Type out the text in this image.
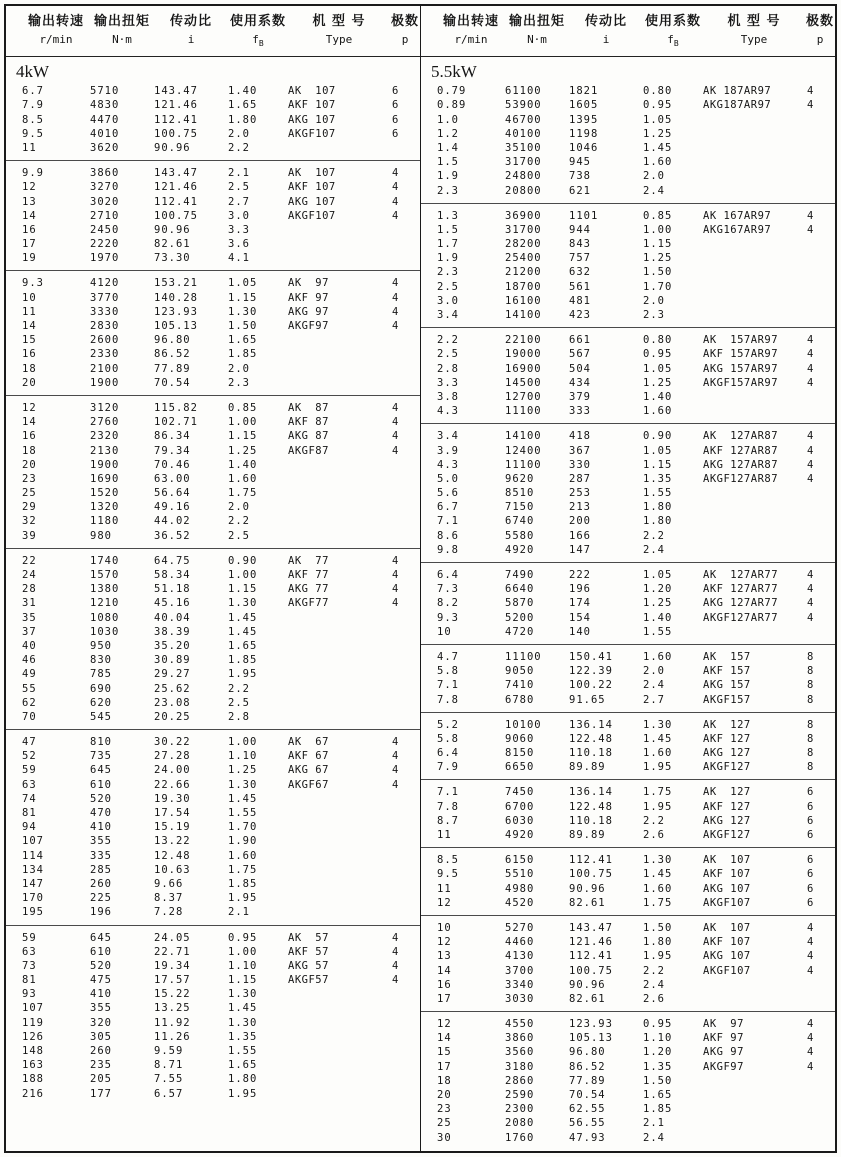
输出转速 输出扭矩	传动比	使用系数	机 型 号	极数
r/min	N·m	i	$f_B$	Type	p
4kW
6.7	5710	143.47	1.40	AK  107	6
7.9	4830	121.46	1.65	AKF 107	6
8.5	4470	112.41	1.80	AKG 107	6
9.5	4010	100.75	2.0	AKGF107	6
11	3620	90.96	2.2
9.9	3860	143.47	2.1	AK  107	4
12	3270	121.46	2.5	AKF 107	4
13	3020	112.41	2.7	AKG 107	4
14	2710	100.75	3.0	AKGF107	4
16	2450	90.96	3.3
17	2220	82.61	3.6
19	1970	73.30	4.1
9.3	4120	153.21	1.05	AK  97	4
10	3770	140.28	1.15	AKF 97	4
11	3330	123.93	1.30	AKG 97	4
14	2830	105.13	1.50	AKGF97	4
15	2600	96.80	1.65
16	2330	86.52	1.85
18	2100	77.89	2.0
20	1900	70.54	2.3
12	3120	115.82	0.85	AK  87	4
14	2760	102.71	1.00	AKF 87	4
16	2320	86.34	1.15	AKG 87	4
18	2130	79.34	1.25	AKGF87	4
20	1900	70.46	1.40
23	1690	63.00	1.60
25	1520	56.64	1.75
29	1320	49.16	2.0
32	1180	44.02	2.2
39	980	36.52	2.5
22	1740	64.75	0.90	AK  77	4
24	1570	58.34	1.00	AKF 77	4
28	1380	51.18	1.15	AKG 77	4
31	1210	45.16	1.30	AKGF77	4
35	1080	40.04	1.45
37	1030	38.39	1.45
40	950	35.20	1.65
46	830	30.89	1.85
49	785	29.27	1.95
55	690	25.62	2.2
62	620	23.08	2.5
70	545	20.25	2.8
47	810	30.22	1.00	AK  67	4
52	735	27.28	1.10	AKF 67	4
59	645	24.00	1.25	AKG 67	4
63	610	22.66	1.30	AKGF67	4
74	520	19.30	1.45
81	470	17.54	1.55
94	410	15.19	1.70
107	355	13.22	1.90
114	335	12.48	1.60
134	285	10.63	1.75
147	260	9.66	1.85
170	225	8.37	1.95
195	196	7.28	2.1
59	645	24.05	0.95	AK  57	4
63	610	22.71	1.00	AKF 57	4
73	520	19.34	1.10	AKG 57	4
81	475	17.57	1.15	AKGF57	4
93	410	15.22	1.30
107	355	13.25	1.45
119	320	11.92	1.30
126	305	11.26	1.35
148	260	9.59	1.55
163	235	8.71	1.65
188	205	7.55	1.80
216	177	6.57	1.95
输出转速 输出扭矩	传动比	使用系数	机 型 号	极数
r/min	N·m	i	$f_B$	Type	p
5.5kW
0.79	61100	1821	0.80	AK 187AR97	4
0.89	53900	1605	0.95	AKG187AR97	4
1.0	46700	1395	1.05
1.2	40100	1198	1.25
1.4	35100	1046	1.45
1.5	31700	945	1.60
1.9	24800	738	2.0
2.3	20800	621	2.4
1.3	36900	1101	0.85	AK 167AR97	4
1.5	31700	944	1.00	AKG167AR97	4
1.7	28200	843	1.15
1.9	25400	757	1.25
2.3	21200	632	1.50
2.5	18700	561	1.70
3.0	16100	481	2.0
3.4	14100	423	2.3
2.2	22100	661	0.80	AK  157AR97	4
2.5	19000	567	0.95	AKF 157AR97	4
2.8	16900	504	1.05	AKG 157AR97	4
3.3	14500	434	1.25	AKGF157AR97	4
3.8	12700	379	1.40
4.3	11100	333	1.60
3.4	14100	418	0.90	AK  127AR87	4
3.9	12400	367	1.05	AKF 127AR87	4
4.3	11100	330	1.15	AKG 127AR87	4
5.0	9620	287	1.35	AKGF127AR87	4
5.6	8510	253	1.55
6.7	7150	213	1.80
7.1	6740	200	1.80
8.6	5580	166	2.2
9.8	4920	147	2.4
6.4	7490	222	1.05	AK  127AR77	4
7.3	6640	196	1.20	AKF 127AR77	4
8.2	5870	174	1.25	AKG 127AR77	4
9.3	5200	154	1.40	AKGF127AR77	4
10	4720	140	1.55
4.7	11100	150.41	1.60	AK  157	8
5.8	9050	122.39	2.0	AKF 157	8
7.1	7410	100.22	2.4	AKG 157	8
7.8	6780	91.65	2.7	AKGF157	8
5.2	10100	136.14	1.30	AK  127	8
5.8	9060	122.48	1.45	AKF 127	8
6.4	8150	110.18	1.60	AKG 127	8
7.9	6650	89.89	1.95	AKGF127	8
7.1	7450	136.14	1.75	AK  127	6
7.8	6700	122.48	1.95	AKF 127	6
8.7	6030	110.18	2.2	AKG 127	6
11	4920	89.89	2.6	AKGF127	6
8.5	6150	112.41	1.30	AK  107	6
9.5	5510	100.75	1.45	AKF 107	6
11	4980	90.96	1.60	AKG 107	6
12	4520	82.61	1.75	AKGF107	6
10	5270	143.47	1.50	AK  107	4
12	4460	121.46	1.80	AKF 107	4
13	4130	112.41	1.95	AKG 107	4
14	3700	100.75	2.2	AKGF107	4
16	3340	90.96	2.4
17	3030	82.61	2.6
12	4550	123.93	0.95	AK  97	4
14	3860	105.13	1.10	AKF 97	4
15	3560	96.80	1.20	AKG 97	4
17	3180	86.52	1.35	AKGF97	4
18	2860	77.89	1.50
20	2590	70.54	1.65
23	2300	62.55	1.85
25	2080	56.55	2.1
30	1760	47.93	2.4
